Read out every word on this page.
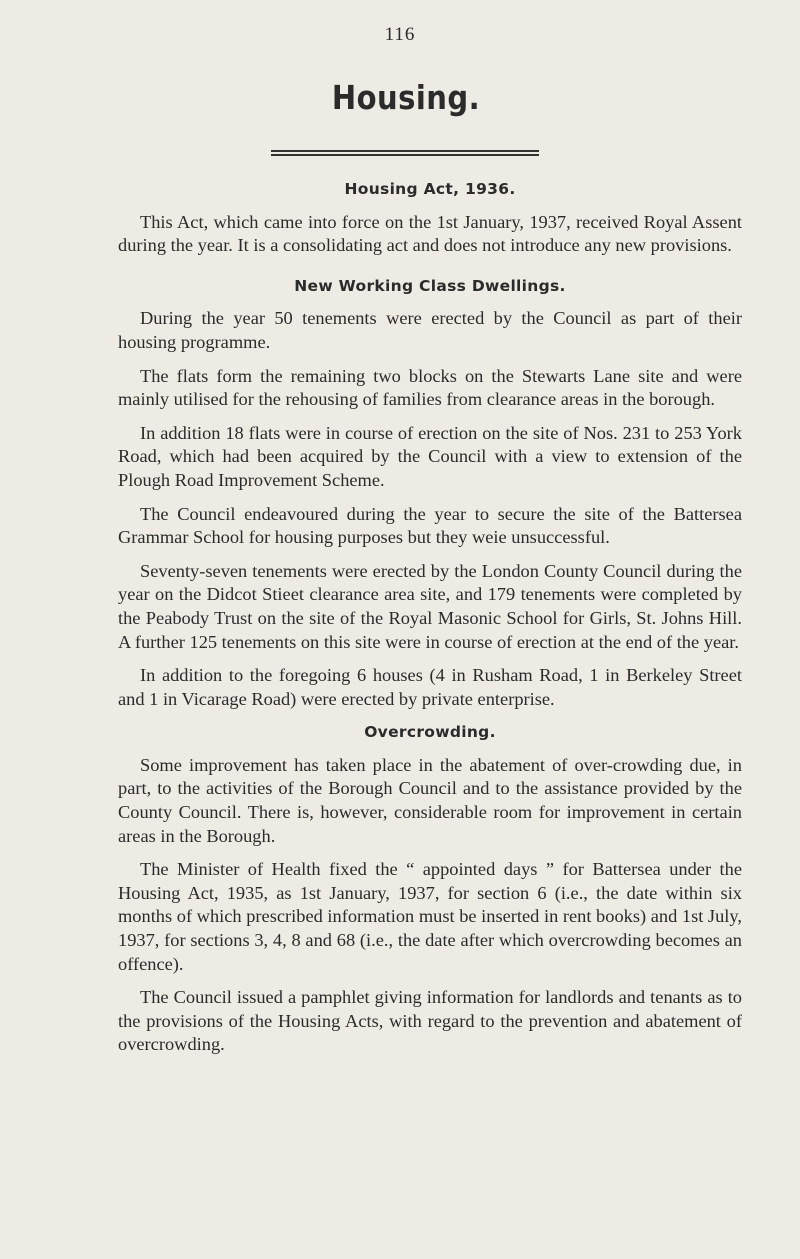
116
Housing.
Housing Act, 1936.

This Act, which came into force on the 1st January, 1937, received Royal Assent during the year. It is a consolidating act and does not introduce any new provisions.

New Working Class Dwellings.

During the year 50 tenements were erected by the Council as part of their housing programme.

The flats form the remaining two blocks on the Stewarts Lane site and were mainly utilised for the rehousing of families from clearance areas in the borough.

In addition 18 flats were in course of erection on the site of Nos. 231 to 253 York Road, which had been acquired by the Council with a view to extension of the Plough Road Improvement Scheme.

The Council endeavoured during the year to secure the site of the Battersea Grammar School for housing purposes but they weie unsuccessful.

Seventy-seven tenements were erected by the London County Council during the year on the Didcot Stieet clearance area site, and 179 tenements were completed by the Peabody Trust on the site of the Royal Masonic School for Girls, St. Johns Hill. A further 125 tenements on this site were in course of erection at the end of the year.

In addition to the foregoing 6 houses (4 in Rusham Road, 1 in Berkeley Street and 1 in Vicarage Road) were erected by private enterprise.

Overcrowding.

Some improvement has taken place in the abatement of over-crowding due, in part, to the activities of the Borough Council and to the assistance provided by the County Council. There is, however, considerable room for improvement in certain areas in the Borough.

The Minister of Health fixed the “ appointed days ” for Battersea under the Housing Act, 1935, as 1st January, 1937, for section 6 (i.e., the date within six months of which prescribed information must be inserted in rent books) and 1st July, 1937, for sections 3, 4, 8 and 68 (i.e., the date after which overcrowding becomes an offence).

The Council issued a pamphlet giving information for landlords and tenants as to the provisions of the Housing Acts, with regard to the prevention and abatement of overcrowding.
